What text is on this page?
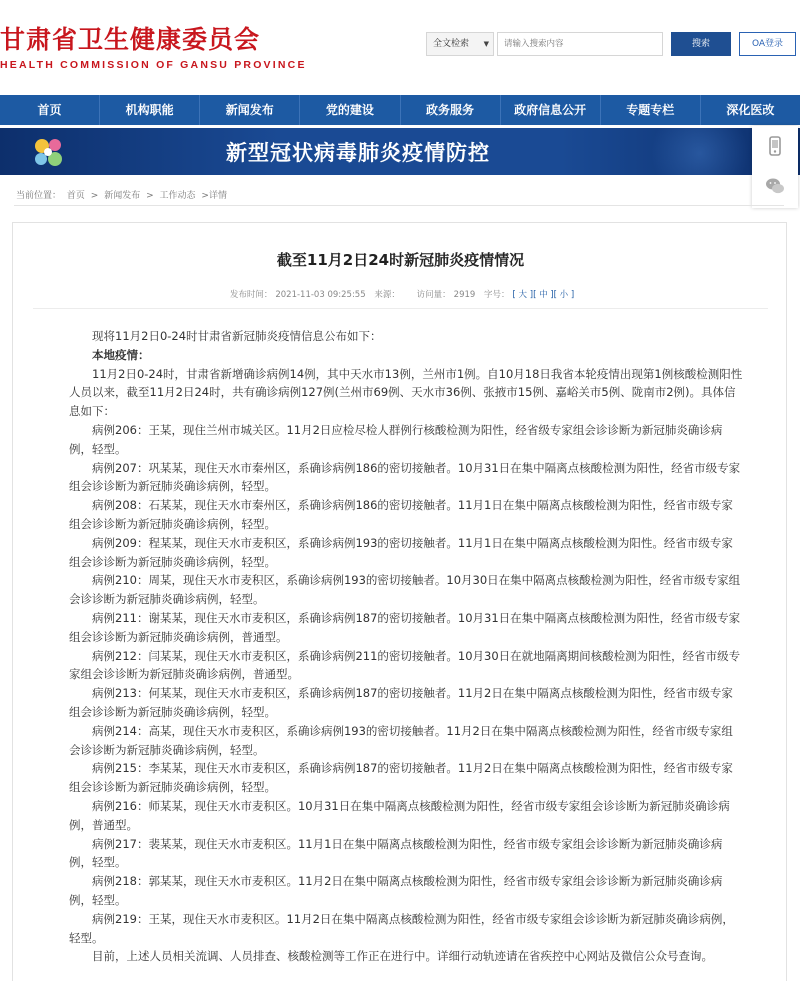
甘肃省卫生健康委员会
HEALTH COMMISSION OF GANSU PROVINCE
全文检索 ▼	请输入搜索内容	搜索	OA登录
首页	机构职能	新闻发布	党的建设	政务服务	政府信息公开	专题专栏	深化医改
新型冠状病毒肺炎疫情防控
当前位置： 首页 > 新闻发布 > 工作动态 >详情
截至11月2日24时新冠肺炎疫情情况
发布时间： 2021-11-03 09:25:55 来源： 访问量： 2919 字号： [ 大 ][ 中 ][ 小 ]

现将11月2日0-24时甘肃省新冠肺炎疫情信息公布如下：

本地疫情：

11月2日0-24时，甘肃省新增确诊病例14例，其中天水市13例，兰州市1例。自10月18日我省本轮疫情出现第1例核酸检测阳性人员以来，截至11月2日24时，共有确诊病例127例(兰州市69例、天水市36例、张掖市15例、嘉峪关市5例、陇南市2例)。具体信息如下：

病例206：王某，现住兰州市城关区。11月2日应检尽检人群例行核酸检测为阳性，经省级专家组会诊诊断为新冠肺炎确诊病例，轻型。

病例207：巩某某，现住天水市秦州区，系确诊病例186的密切接触者。10月31日在集中隔离点核酸检测为阳性，经省市级专家组会诊诊断为新冠肺炎确诊病例，轻型。

病例208：石某某，现住天水市秦州区，系确诊病例186的密切接触者。11月1日在集中隔离点核酸检测为阳性，经省市级专家组会诊诊断为新冠肺炎确诊病例，轻型。

病例209：程某某，现住天水市麦积区，系确诊病例193的密切接触者。11月1日在集中隔离点核酸检测为阳性。经省市级专家组会诊诊断为新冠肺炎确诊病例，轻型。

病例210：周某，现住天水市麦积区，系确诊病例193的密切接触者。10月30日在集中隔离点核酸检测为阳性，经省市级专家组会诊诊断为新冠肺炎确诊病例，轻型。

病例211：谢某某，现住天水市麦积区，系确诊病例187的密切接触者。10月31日在集中隔离点核酸检测为阳性，经省市级专家组会诊诊断为新冠肺炎确诊病例，普通型。

病例212：闫某某，现住天水市麦积区，系确诊病例211的密切接触者。10月30日在就地隔离期间核酸检测为阳性，经省市级专家组会诊诊断为新冠肺炎确诊病例，普通型。

病例213：何某某，现住天水市麦积区，系确诊病例187的密切接触者。11月2日在集中隔离点核酸检测为阳性，经省市级专家组会诊诊断为新冠肺炎确诊病例，轻型。

病例214：高某，现住天水市麦积区，系确诊病例193的密切接触者。11月2日在集中隔离点核酸检测为阳性，经省市级专家组会诊诊断为新冠肺炎确诊病例，轻型。

病例215：李某某，现住天水市麦积区，系确诊病例187的密切接触者。11月2日在集中隔离点核酸检测为阳性，经省市级专家组会诊诊断为新冠肺炎确诊病例，轻型。

病例216：师某某，现住天水市麦积区。10月31日在集中隔离点核酸检测为阳性，经省市级专家组会诊诊断为新冠肺炎确诊病例，普通型。

病例217：裴某某，现住天水市麦积区。11月1日在集中隔离点核酸检测为阳性，经省市级专家组会诊诊断为新冠肺炎确诊病例，轻型。

病例218：郭某某，现住天水市麦积区。11月2日在集中隔离点核酸检测为阳性，经省市级专家组会诊诊断为新冠肺炎确诊病例，轻型。

病例219：王某，现住天水市麦积区。11月2日在集中隔离点核酸检测为阳性，经省市级专家组会诊诊断为新冠肺炎确诊病例，轻型。

目前，上述人员相关流调、人员排查、核酸检测等工作正在进行中。详细行动轨迹请在省疾控中心网站及微信公众号查询。
